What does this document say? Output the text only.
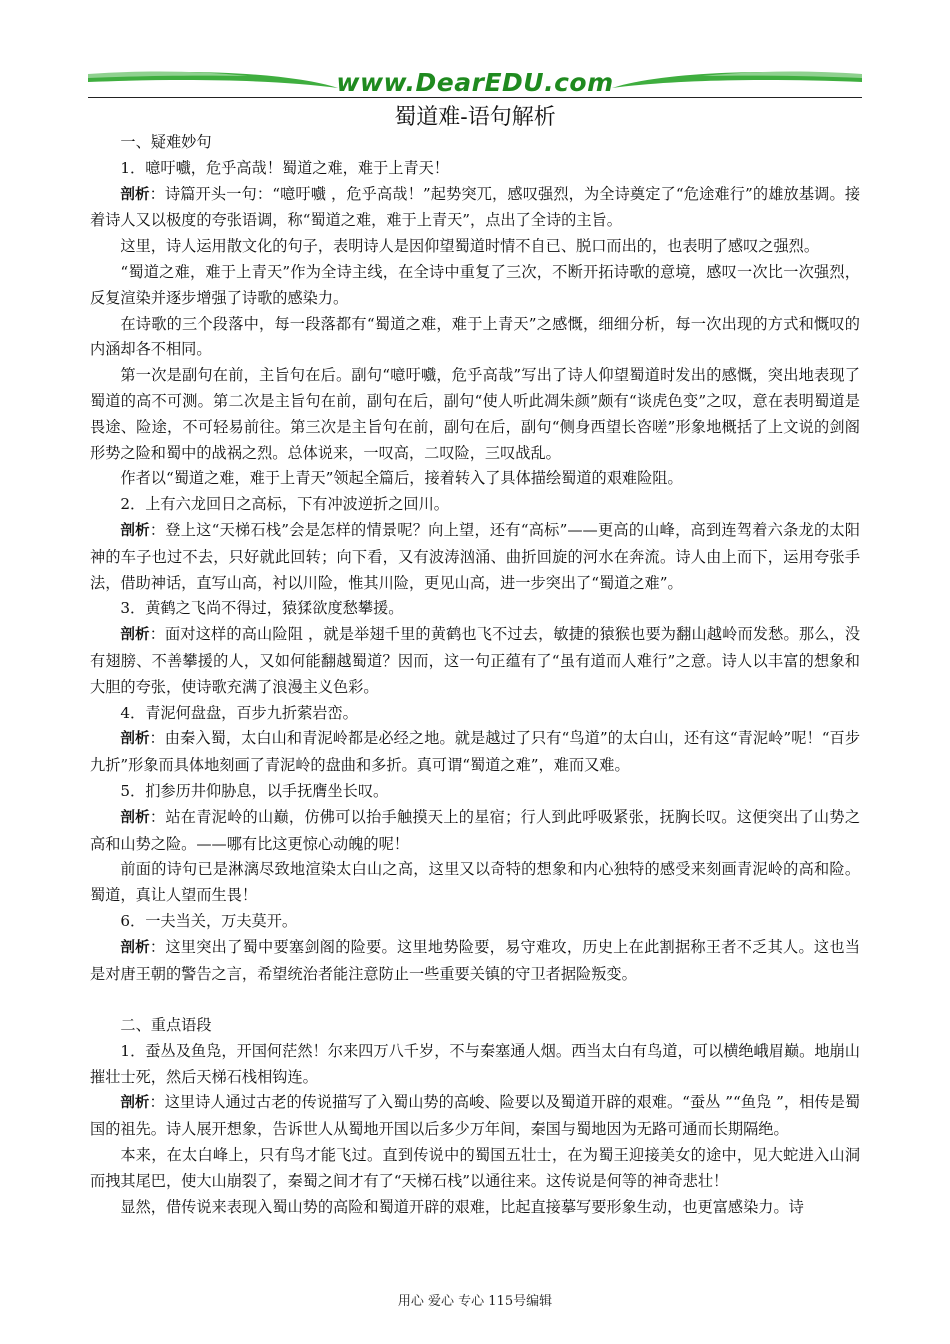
www.DearEDU.com
蜀道难-语句解析

一、疑难妙句

1．噫吁嚱，危乎高哉！蜀道之难，难于上青天！

剖析：诗篇开头一句：“噫吁嚱 ，危乎高哉！”起势突兀，感叹强烈，为全诗奠定了“危途难行”的雄放基调。接着诗人又以极度的夸张语调，称“蜀道之难，难于上青天”，点出了全诗的主旨。

这里，诗人运用散文化的句子，表明诗人是因仰望蜀道时情不自已、脱口而出的，也表明了感叹之强烈。

“蜀道之难，难于上青天”作为全诗主线，在全诗中重复了三次，不断开拓诗歌的意境，感叹一次比一次强烈，反复渲染并逐步增强了诗歌的感染力。

在诗歌的三个段落中，每一段落都有“蜀道之难，难于上青天”之感慨，细细分析，每一次出现的方式和慨叹的内涵却各不相同。

第一次是副句在前，主旨句在后。副句“噫吁嚱，危乎高哉”写出了诗人仰望蜀道时发出的感慨，突出地表现了蜀道的高不可测。第二次是主旨句在前，副句在后，副句“使人听此凋朱颜”颇有“谈虎色变”之叹，意在表明蜀道是畏途、险途，不可轻易前往。第三次是主旨句在前，副句在后，副句“侧身西望长咨嗟”形象地概括了上文说的剑阁形势之险和蜀中的战祸之烈。总体说来，一叹高，二叹险，三叹战乱。

作者以“蜀道之难，难于上青天”领起全篇后，接着转入了具体描绘蜀道的艰难险阻。

2．上有六龙回日之高标，下有冲波逆折之回川。

剖析：登上这“天梯石栈”会是怎样的情景呢？向上望，还有“高标”——更高的山峰，高到连驾着六条龙的太阳神的车子也过不去，只好就此回转；向下看，又有波涛汹涌、曲折回旋的河水在奔流。诗人由上而下，运用夸张手法，借助神话，直写山高，衬以川险，惟其川险，更见山高，进一步突出了“蜀道之难”。

3．黄鹤之飞尚不得过，猿猱欲度愁攀援。

剖析：面对这样的高山险阻 ，就是举翅千里的黄鹤也飞不过去，敏捷的猿猴也要为翻山越岭而发愁。那么，没有翅膀、不善攀援的人，又如何能翻越蜀道？因而，这一句正蕴有了“虽有道而人难行”之意。诗人以丰富的想象和大胆的夸张，使诗歌充满了浪漫主义色彩。

4．青泥何盘盘，百步九折萦岩峦。

剖析：由秦入蜀，太白山和青泥岭都是必经之地。就是越过了只有“鸟道”的太白山，还有这“青泥岭”呢！“百步九折”形象而具体地刻画了青泥岭的盘曲和多折。真可谓“蜀道之难”，难而又难。

5．扪参历井仰胁息，以手抚膺坐长叹。

剖析：站在青泥岭的山巅，仿佛可以抬手触摸天上的星宿；行人到此呼吸紧张，抚胸长叹。这便突出了山势之高和山势之险。——哪有比这更惊心动魄的呢！

前面的诗句已是淋漓尽致地渲染太白山之高，这里又以奇特的想象和内心独特的感受来刻画青泥岭的高和险。蜀道，真让人望而生畏！

6．一夫当关，万夫莫开。

剖析：这里突出了蜀中要塞剑阁的险要。这里地势险要，易守难攻，历史上在此割据称王者不乏其人。这也当是对唐王朝的警告之言，希望统治者能注意防止一些重要关镇的守卫者据险叛变。

二、重点语段

1．蚕丛及鱼凫，开国何茫然！尔来四万八千岁，不与秦塞通人烟。西当太白有鸟道，可以横绝峨眉巅。地崩山摧壮士死，然后天梯石栈相钩连。

剖析：这里诗人通过古老的传说描写了入蜀山势的高峻、险要以及蜀道开辟的艰难。“蚕丛 ”“鱼凫 ”，相传是蜀国的祖先。诗人展开想象，告诉世人从蜀地开国以后多少万年间，秦国与蜀地因为无路可通而长期隔绝。

本来，在太白峰上，只有鸟才能飞过。直到传说中的蜀国五壮士，在为蜀王迎接美女的途中，见大蛇进入山洞而拽其尾巴，使大山崩裂了，秦蜀之间才有了“天梯石栈”以通往来。这传说是何等的神奇悲壮！

显然，借传说来表现入蜀山势的高险和蜀道开辟的艰难，比起直接摹写要形象生动，也更富感染力。诗

用心 爱心 专心 115号编辑
